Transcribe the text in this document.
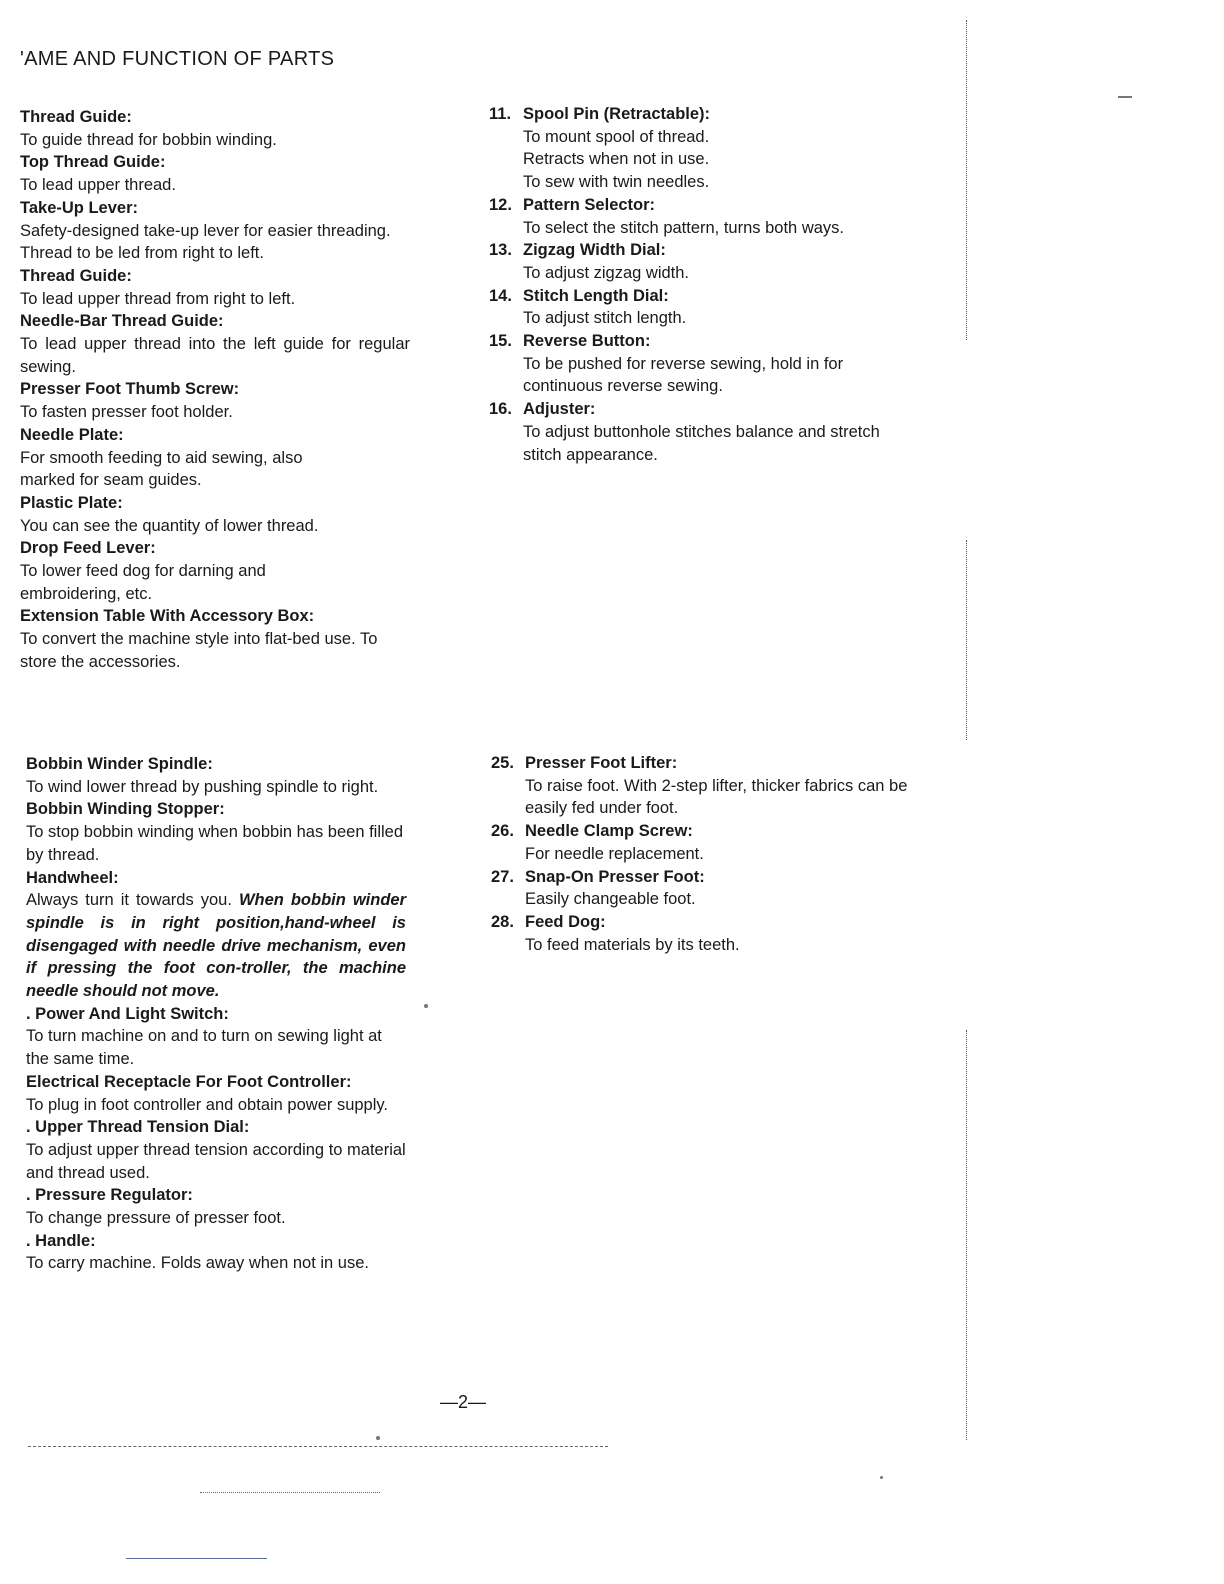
'AME AND FUNCTION OF PARTS
Thread Guide:
To guide thread for bobbin winding.
Top Thread Guide:
To lead upper thread.
Take-Up Lever:
Safety-designed take-up lever for easier threading. Thread to be led from right to left.
Thread Guide:
To lead upper thread from right to left.
Needle-Bar Thread Guide:
To lead upper thread into the left guide for regular sewing.
Presser Foot Thumb Screw:
To fasten presser foot holder.
Needle Plate:
For smooth feeding to aid sewing, also marked for seam guides.
Plastic Plate:
You can see the quantity of lower thread.
Drop Feed Lever:
To lower feed dog for darning and embroidering, etc.
Extension Table With Accessory Box:
To convert the machine style into flat-bed use. To store the accessories.
11. Spool Pin (Retractable):
To mount spool of thread.
Retracts when not in use.
To sew with twin needles.
12. Pattern Selector:
To select the stitch pattern, turns both ways.
13. Zigzag Width Dial:
To adjust zigzag width.
14. Stitch Length Dial:
To adjust stitch length.
15. Reverse Button:
To be pushed for reverse sewing, hold in for continuous reverse sewing.
16. Adjuster:
To adjust buttonhole stitches balance and stretch stitch appearance.
Bobbin Winder Spindle:
To wind lower thread by pushing spindle to right.
Bobbin Winding Stopper:
To stop bobbin winding when bobbin has been filled by thread.
Handwheel:
Always turn it towards you. When bobbin winder spindle is in right position,hand-wheel is disengaged with needle drive mechanism, even if pressing the foot con-troller, the machine needle should not move.
. Power And Light Switch:
To turn machine on and to turn on sewing light at the same time.
Electrical Receptacle For Foot Controller:
To plug in foot controller and obtain power supply.
. Upper Thread Tension Dial:
To adjust upper thread tension according to material and thread used.
. Pressure Regulator:
To change pressure of presser foot.
. Handle:
To carry machine. Folds away when not in use.
25. Presser Foot Lifter:
To raise foot. With 2-step lifter, thicker fabrics can be easily fed under foot.
26. Needle Clamp Screw:
For needle replacement.
27. Snap-On Presser Foot:
Easily changeable foot.
28. Feed Dog:
To feed materials by its teeth.
—2—
